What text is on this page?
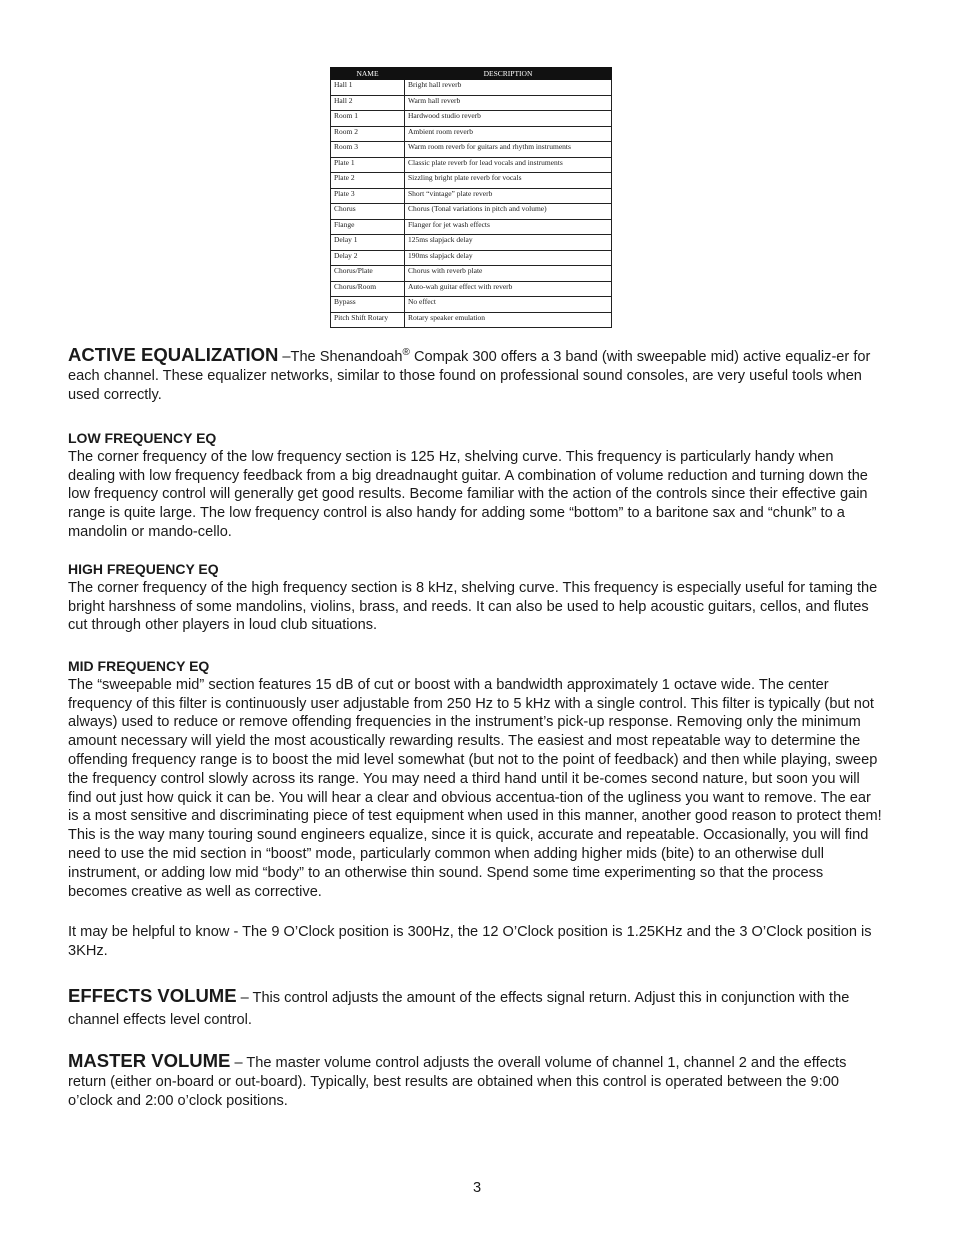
NAME	DESCRIPTION
Hall 1	Bright hall reverb
Hall 2	Warm hall reverb
Room 1	Hardwood studio reverb
Room 2	Ambient room reverb
Room 3	Warm room reverb for guitars and rhythm instruments
Plate 1	Classic plate reverb for lead vocals and instruments
Plate 2	Sizzling bright plate reverb for vocals
Plate 3	Short “vintage” plate reverb
Chorus	Chorus (Tonal variations in pitch and volume)
Flange	Flanger for jet wash effects
Delay 1	125ms slapjack delay
Delay 2	190ms slapjack delay
Chorus/Plate	Chorus with reverb plate
Chorus/Room	Auto-wah guitar effect with reverb
Bypass	No effect
Pitch Shift Rotary	Rotary speaker emulation
ACTIVE EQUALIZATION –The Shenandoah® Compak 300 offers a 3 band (with sweepable mid) active equaliz-er for each channel. These equalizer networks, similar to those found on professional sound consoles, are very useful tools when used correctly.
LOW FREQUENCY EQ
The corner frequency of the low frequency section is 125 Hz, shelving curve. This frequency is particularly handy when dealing with low frequency feedback from a big dreadnaught guitar. A combination of volume reduction and turning down the low frequency control will generally get good results. Become familiar with the action of the controls since their effective gain range is quite large. The low frequency control is also handy for adding some “bottom” to a baritone sax and “chunk” to a mandolin or mando-cello.
HIGH FREQUENCY EQ
The corner frequency of the high frequency section is 8 kHz, shelving curve. This frequency is especially useful for taming the bright harshness of some mandolins, violins, brass, and reeds. It can also be used to help acoustic guitars, cellos, and flutes cut through other players in loud club situations.
MID FREQUENCY EQ
The “sweepable mid” section features 15 dB of cut or boost with a bandwidth approximately 1 octave wide. The center frequency of this filter is continuously user adjustable from 250 Hz to 5 kHz with a single control. This filter is typically (but not always) used to reduce or remove offending frequencies in the instrument’s pick-up response. Removing only the minimum amount necessary will yield the most acoustically rewarding results. The easiest and most repeatable way to determine the offending frequency range is to boost the mid level somewhat (but not to the point of feedback) and then while playing, sweep the frequency control slowly across its range. You may need a third hand until it be-comes second nature, but soon you will find out just how quick it can be. You will hear a clear and obvious accentua-tion of the ugliness you want to remove. The ear is a most sensitive and discriminating piece of test equipment when used in this manner, another good reason to protect them! This is the way many touring sound engineers equalize, since it is quick, accurate and repeatable. Occasionally, you will find need to use the mid section in “boost” mode, particularly common when adding higher mids (bite) to an otherwise dull instrument, or adding low mid “body” to an otherwise thin sound. Spend some time experimenting so that the process becomes creative as well as corrective.
It may be helpful to know - The 9 O’Clock position is 300Hz, the 12 O’Clock position is 1.25KHz and the 3 O’Clock position is 3KHz.
EFFECTS VOLUME – This control adjusts the amount of the effects signal return. Adjust this in conjunction with the channel effects level control.
MASTER VOLUME – The master volume control adjusts the overall volume of channel 1, channel 2 and the effects return (either on-board or out-board). Typically, best results are obtained when this control is operated between the 9:00 o’clock and 2:00 o’clock positions.
3
